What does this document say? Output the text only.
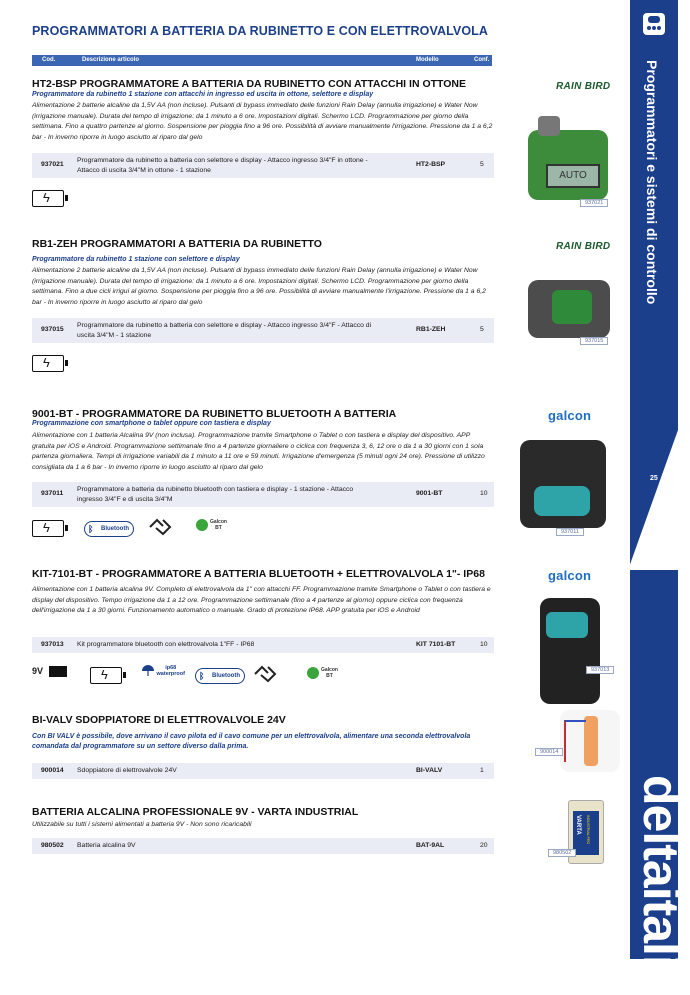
Programmatori e sistemi di controllo
25
deltaitalia
PROGRAMMATORI A BATTERIA DA RUBINETTO E CON ELETTROVALVOLA
Cod.	Descrizione articolo	Modello	Conf.
HT2-BSP PROGRAMMATORE A BATTERIA DA RUBINETTO CON ATTACCHI IN OTTONE
Programmatore da rubinetto 1 stazione con attacchi in ingresso ed uscita in ottone, selettore e display
Alimentazione 2 batterie alcaline da 1,5V AA (non incluse). Pulsanti di bypass immediato delle funzioni Rain Delay (annulla irrigazione) e Water Now (irrigazione manuale). Durata del tempo di irrigazione: da 1 minuto a 6 ore. Impostazioni digitali. Schermo LCD. Programmazione per giorno della settimana. Fino a quattro partenze al giorno. Sospensione per pioggia fino a 96 ore. Possibilità di avviare manualmente l'irrigazione. Pressione da 1 a 6,2 bar - In inverno riporre in luogo asciutto al riparo dal gelo
937021
Programmatore da rubinetto a batteria con selettore e display - Attacco ingresso 3/4"F in ottone - Attacco di uscita 3/4"M in ottone - 1 stazione
HT2-BSP	5
ϟ
RAIN BIRD
AUTO
937021
RB1-ZEH PROGRAMMATORI A BATTERIA DA RUBINETTO
Programmatore da rubinetto 1 stazione con selettore e display
Alimentazione 2 batterie alcaline da 1,5V AA (non incluse). Pulsanti di bypass immediato delle funzioni Rain Delay (annulla irrigazione) e Water Now (irrigazione manuale). Durata del tempo di irrigazione: da 1 minuto a 6 ore. Impostazioni digitali. Schermo LCD. Programmazione per giorno della settimana. Fino a due cicli irrigui al giorno. Sospensione per pioggia fino a 96 ore. Possibilità di avviare manualmente l'irrigazione. Pressione da 1 a 6,2 bar - In inverno riporre in luogo asciutto al riparo dal gelo
937015
Programmatore da rubinetto a batteria con selettore e display - Attacco ingresso 3/4"F - Attacco di uscita 3/4"M - 1 stazione
RB1-ZEH	5
ϟ
RAIN BIRD
937015
9001-BT - PROGRAMMATORE DA RUBINETTO BLUETOOTH A BATTERIA
Programmazione con smartphone o tablet oppure con tastiera e display
Alimentazione con 1 batteria Alcalina 9V (non inclusa). Programmazione tramite Smartphone o Tablet o con tastiera e display del dispositivo. APP gratuita per iOS e Android. Programmazione settimanale fino a 4 partenze giornaliere o ciclica con frequenza 3, 6, 12 ore o da 1 a 30 giorni con 1 sola partenza giornaliera. Tempi di irrigazione variabili da 1 minuto a 11 ore e 59 minuti. Irrigazione d'emergenza (5 minuti ogni 24 ore). Pressione di utilizzo consigliata da 1 a 6 bar - In inverno riporre in luogo asciutto al riparo dal gelo
937011
Programmatore a batteria da rubinetto bluetooth con tastiera e display - 1 stazione - Attacco ingresso 3/4"F e di uscita 3/4"M
9001-BT	10
ϟ	ᛒ Bluetooth
Galcon
BT
galcon
937011
KIT-7101-BT - PROGRAMMATORE A BATTERIA BLUETOOTH + ELETTROVALVOLA 1"- IP68
Alimentazione con 1 batteria alcalina 9V. Completo di elettrovalvola da 1" con attacchi FF. Programmazione tramite Smartphone o Tablet o con tastiera e display del dispositivo. Tempo irrigazione da 1 a 12 ore. Programmazione settimanale (fino a 4 partenze al giorno) oppure ciclica con frequenza dell'irrigazione da 1 a 30 giorni. Funzionamento automatico o manuale. Grado di protezione IP68. APP gratuita per iOS e Android
937013 Kit programmatore bluetooth con elettrovalvola 1"FF - IP68	KIT 7101-BT	10
9V	ϟ	ip68
waterproof	ᛒ Bluetooth
Galcon
BT
galcon
937013
BI-VALV SDOPPIATORE DI ELETTROVALVOLE 24V
Con BI VALV è possibile, dove arrivano il cavo pilota ed il cavo comune per un elettrovalvola, alimentare una seconda elettrovalvola comandata dal programmatore su un settore diverso dalla prima.
900014 Sdoppiatore di elettrovalvole 24V	BI-VALV	1
900014
BATTERIA ALCALINA PROFESSIONALE 9V - VARTA INDUSTRIAL
Utilizzabile su tutti i sistemi alimentati a batteria 9V - Non sono ricaricabili
980502 Batteria alcalina 9V	BAT-9AL	20
VARTA INDUSTRIAL PRO
980502
